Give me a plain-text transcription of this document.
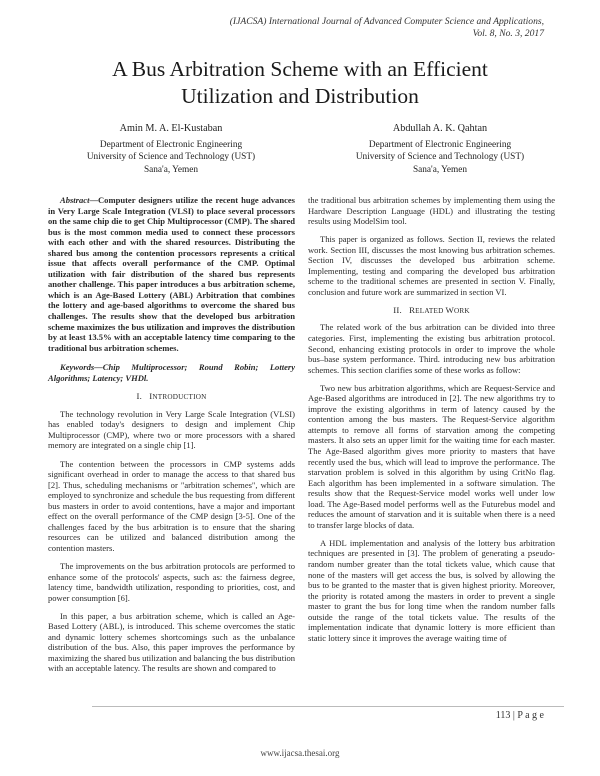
(IJACSA) International Journal of Advanced Computer Science and Applications,
Vol. 8, No. 3, 2017
A Bus Arbitration Scheme with an Efficient
Utilization and Distribution
Amin M. A. El-Kustaban
Department of Electronic Engineering
University of Science and Technology (UST)
Sana'a, Yemen
Abdullah A. K. Qahtan
Department of Electronic Engineering
University of Science and Technology (UST)
Sana'a, Yemen

Abstract—Computer designers utilize the recent huge advances in Very Large Scale Integration (VLSI) to place several processors on the same chip die to get Chip Multiprocessor (CMP). The shared bus is the most common media used to connect these processors with each other and with the shared resources. Distributing the shared bus among the contention processors represents a critical issue that affects overall performance of the CMP. Optimal utilization with fair distribution of the shared bus represents another challenge. This paper introduces a bus arbitration scheme, which is an Age-Based Lottery (ABL) Arbitration that combines the lottery and age-based algorithms to overcome the shared bus challenges. The results show that the developed bus arbitration scheme maximizes the bus utilization and improves the distribution by at least 13.5% with an acceptable latency time comparing to the traditional bus arbitration schemes.

Keywords—Chip Multiprocessor; Round Robin; Lottery Algorithms; Latency; VHDl.

I. INTRODUCTION

The technology revolution in Very Large Scale Integration (VLSI) has enabled today's designers to design and implement Chip Multiprocessor (CMP), where two or more processors with a shared memory are integrated on a single chip [1].

The contention between the processors in CMP systems adds significant overhead in order to manage the access to that shared bus [2]. Thus, scheduling mechanisms or "arbitration schemes", which are employed to synchronize and schedule the bus requesting from different bus masters in order to avoid contentions, have a major and important effect on the overall performance of the CMP design [3-5]. One of the challenges faced by the bus arbitration is to ensure that the sharing resources can be utilized and balanced distribution among the contention masters.

The improvements on the bus arbitration protocols are performed to enhance some of the protocols' aspects, such as: the fairness degree, latency time, bandwidth utilization, responding to priorities, cost, and power consumption [6].

In this paper, a bus arbitration scheme, which is called an Age-Based Lottery (ABL), is introduced. This scheme overcomes the static and dynamic lottery schemes shortcomings such as the unbalance distribution of the bus. Also, this paper improves the performance by maximizing the shared bus utilization and balancing the bus distribution with an acceptable latency. The results are shown and compared to

the traditional bus arbitration schemes by implementing them using the Hardware Description Language (HDL) and illustrating the testing results using ModelSim tool.

This paper is organized as follows. Section II, reviews the related work. Section III, discusses the most knowing bus arbitration schemes. Section IV, discusses the developed bus arbitration scheme. Implementing, testing and comparing the developed bus arbitration scheme to the traditional schemes are presented in section V. Finally, conclusion and future work are summarized in section VI.

II. RELATED WORK

The related work of the bus arbitration can be divided into three categories. First, implementing the existing bus arbitration protocol. Second, enhancing existing protocols in order to improve the whole bus–base system performance. Third. introducing new bus arbitration schemes. This section clarifies some of these works as follow:

Two new bus arbitration algorithms, which are Request-Service and Age-Based algorithms are introduced in [2]. The new algorithms try to improve the existing algorithms in term of latency caused by the contention among the bus masters. The Request-Service algorithm attempts to remove all forms of starvation among the competing masters. It also sets an upper limit for the waiting time for each master. The Age-Based algorithm gives more priority to masters that have recently used the bus, which will lead to improve the performance. The starvation problem is solved in this algorithm by using CritNo flag. Each algorithm has been implemented in a software simulation. The results show that the Request-Service model works well under low load. The Age-Based model performs well as the Futurebus model and reduces the amount of starvation and it is suitable when there is a need to transfer large blocks of data.

A HDL implementation and analysis of the lottery bus arbitration techniques are presented in [3]. The problem of generating a pseudo-random number greater than the total tickets value, which cause that none of the masters will get access the bus, is solved by allowing the bus to be granted to the master that is given highest priority. Moreover, the priority is rotated among the masters in order to prevent a single master to grant the bus for long time when the random number falls outside the range of the total tickets value. The results of the implementation indicate that dynamic lottery is more efficient than static lottery since it improves the average waiting time of

113 | P a g e
www.ijacsa.thesai.org
